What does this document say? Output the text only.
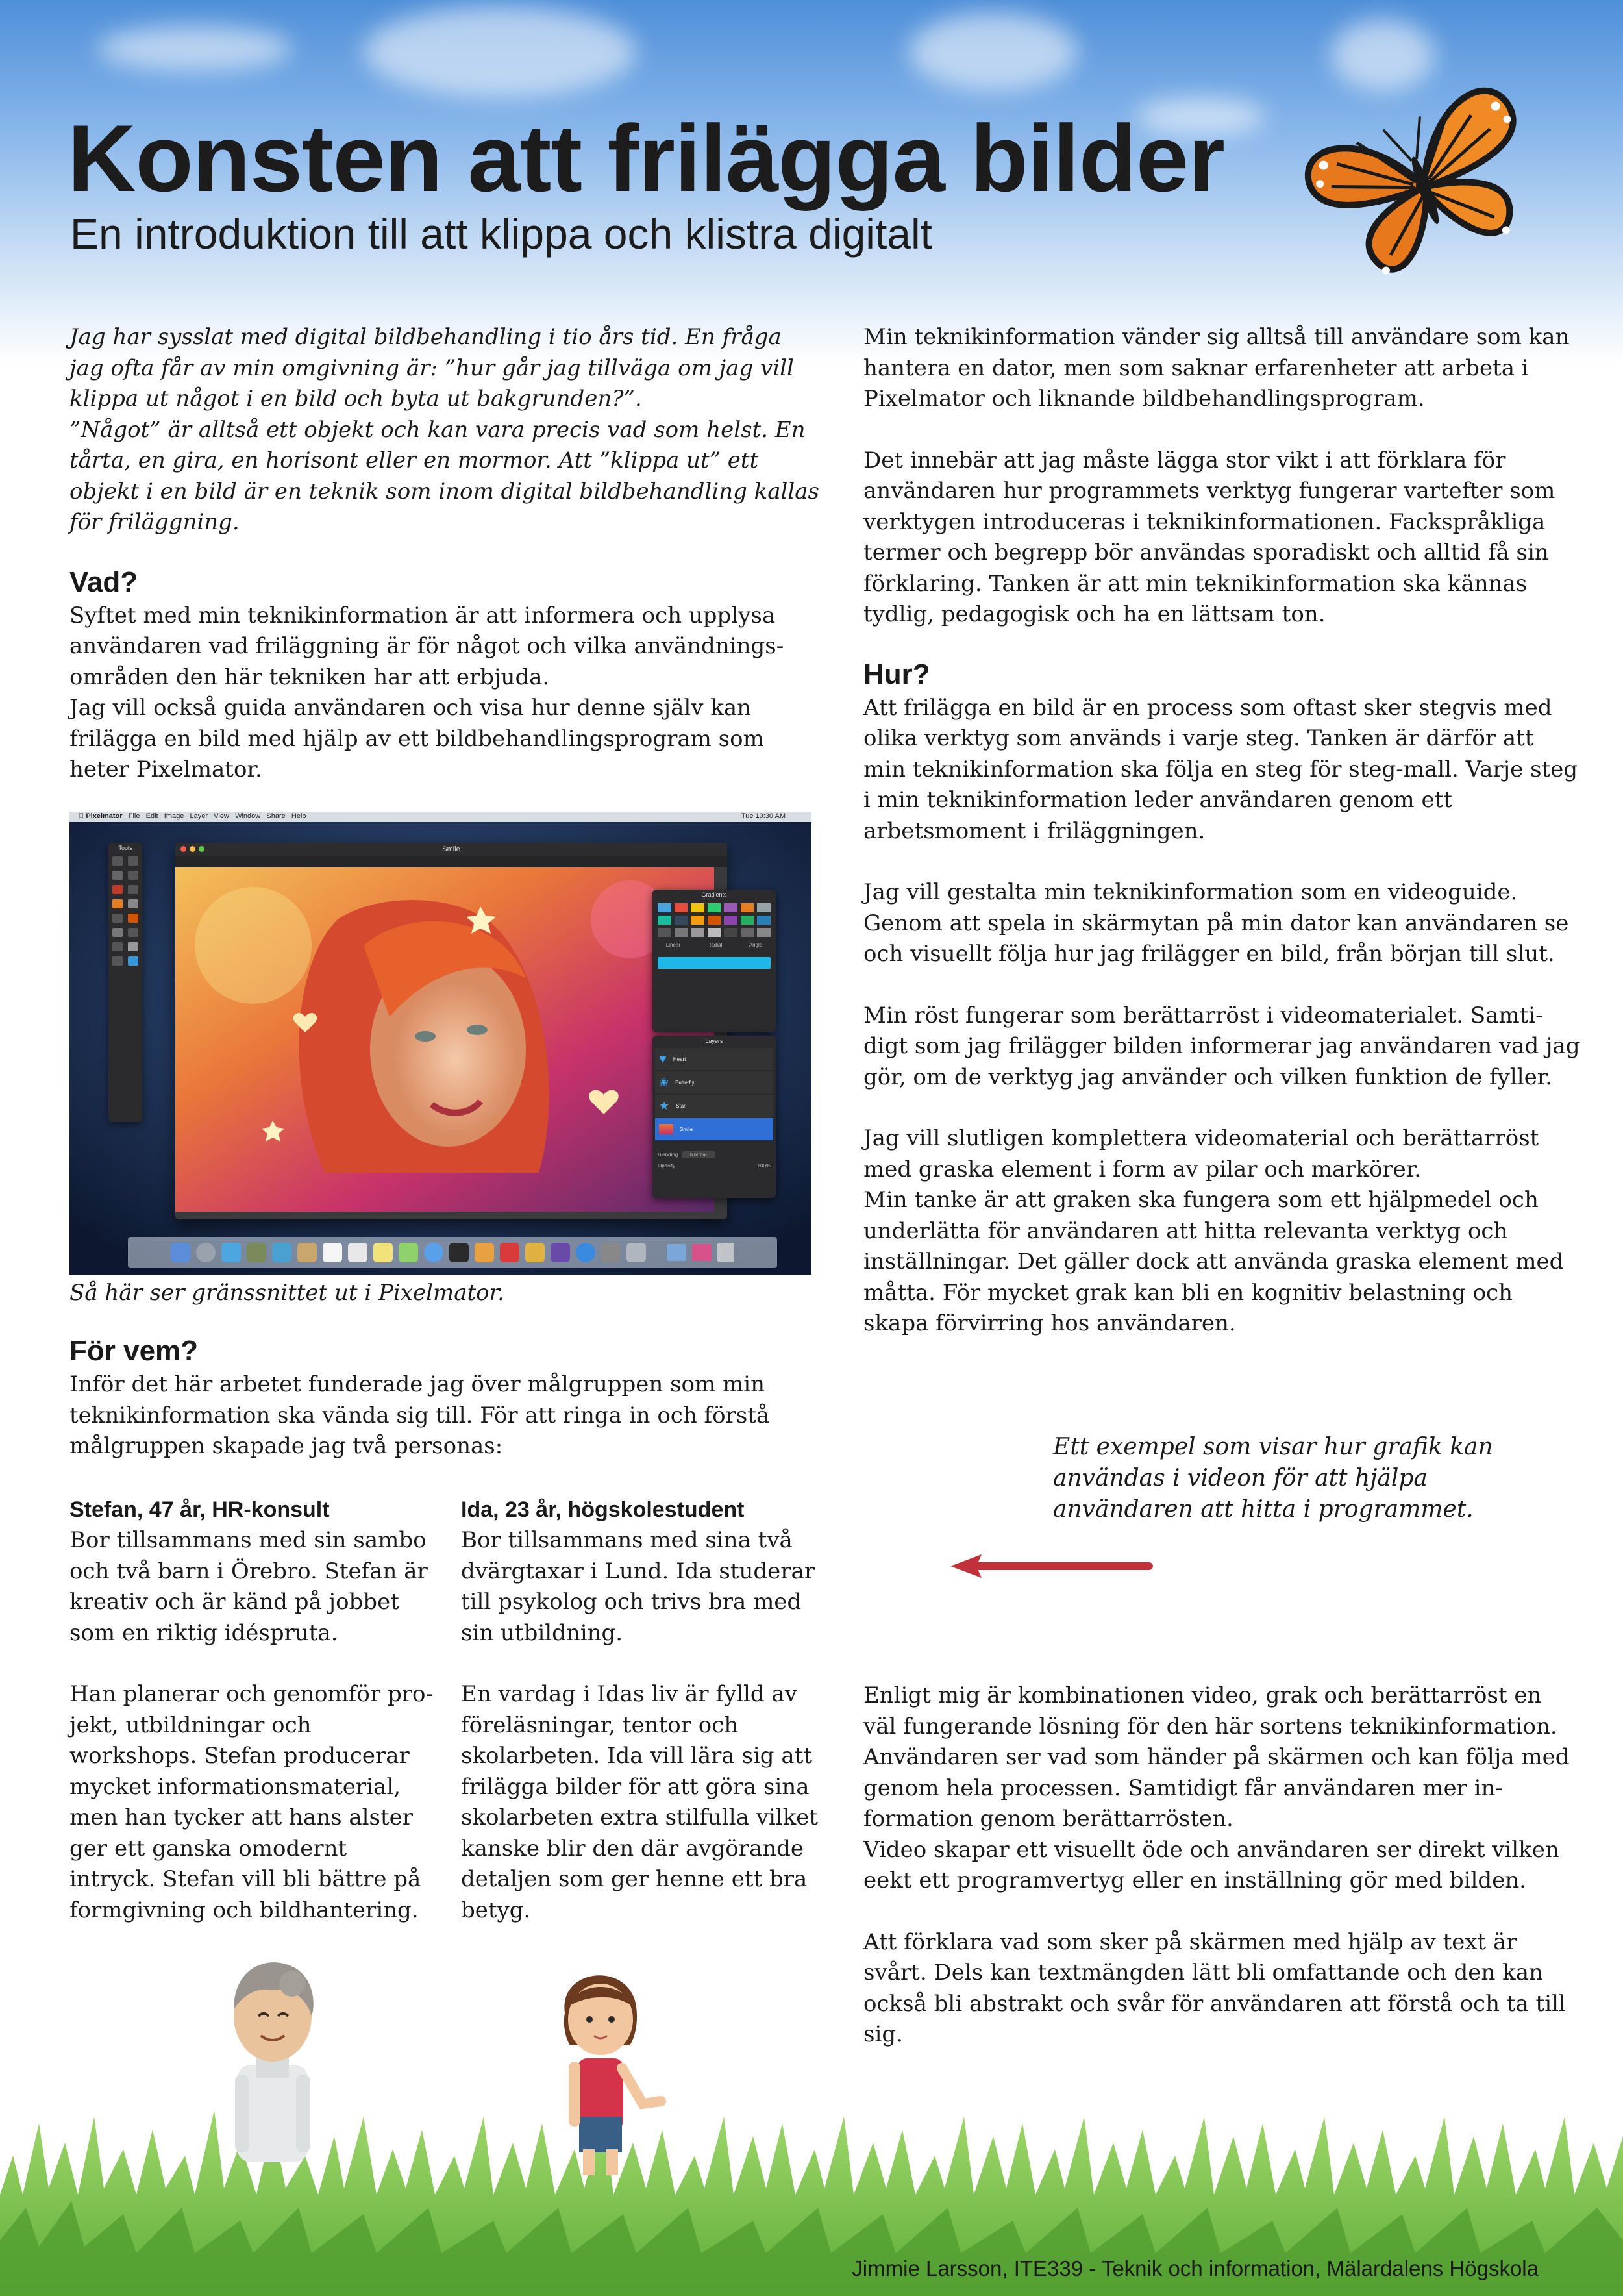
Konsten att frilägga bilder
En introduktion till att klippa och klistra digitalt

Jag har sysslat med digital bildbehandling i tio års tid. En fråga jag ofta får av min omgivning är: ”hur går jag tillväga om jag vill klippa ut något i en bild och byta ut bakgrunden?”.

”Något” är alltså ett objekt och kan vara precis vad som helst. En tårta, en gira, en horisont eller en mormor. Att ”klippa ut” ett objekt i en bild är en teknik som inom digital bildbehandling kallas för friläggning.

Vad?

Syftet med min teknikinformation är att informera och upplysa användaren vad friläggning är för något och vilka användnings-områden den här tekniken har att erbjuda.

Jag vill också guida användaren och visa hur denne själv kan frilägga en bild med hjälp av ett bildbehandlingsprogram som heter Pixelmator.

Pixelmator File Edit Image Layer View Window Share Help	Tue 10:30 AM
Tools	Smile
Gradients
Linear	Radial	Angle
Layers
♥ Heart
❀ Butterfly
★ Star
Smile
Blending Normal
Opacity	100%
Så här ser gränssnittet ut i Pixelmator.
För vem?

Inför det här arbetet funderade jag över målgruppen som min teknikinformation ska vända sig till. För att ringa in och förstå målgruppen skapade jag två personas:

Stefan, 47 år, HR-konsult

Bor tillsammans med sin sambo och två barn i Örebro. Stefan är kreativ och är känd på jobbet som en riktig idéspruta.

Han planerar och genomför pro-jekt, utbildningar och workshops. Stefan producerar mycket informationsmaterial, men han tycker att hans alster ger ett ganska omodernt intryck. Stefan vill bli bättre på formgivning och bildhantering.

Ida, 23 år, högskolestudent

Bor tillsammans med sina två dvärgtaxar i Lund. Ida studerar till psykolog och trivs bra med sin utbildning.

En vardag i Idas liv är fylld av föreläsningar, tentor och skolarbeten. Ida vill lära sig att frilägga bilder för att göra sina skolarbeten extra stilfulla vilket kanske blir den där avgörande detaljen som ger henne ett bra betyg.

Min teknikinformation vänder sig alltså till användare som kan hantera en dator, men som saknar erfarenheter att arbeta i Pixelmator och liknande bildbehandlingsprogram.

Det innebär att jag måste lägga stor vikt i att förklara för användaren hur programmets verktyg fungerar vartefter som verktygen introduceras i teknikinformationen. Fackspråkliga termer och begrepp bör användas sporadiskt och alltid få sin förklaring. Tanken är att min teknikinformation ska kännas tydlig, pedagogisk och ha en lättsam ton.

Hur?

Att frilägga en bild är en process som oftast sker stegvis med olika verktyg som används i varje steg. Tanken är därför att min teknikinformation ska följa en steg för steg-mall. Varje steg i min teknikinformation leder användaren genom ett arbetsmoment i friläggningen.

Jag vill gestalta min teknikinformation som en videoguide. Genom att spela in skärmytan på min dator kan användaren se och visuellt följa hur jag frilägger en bild, från början till slut.

Min röst fungerar som berättarröst i videomaterialet. Samti-digt som jag frilägger bilden informerar jag användaren vad jag gör, om de verktyg jag använder och vilken funktion de fyller.

Jag vill slutligen komplettera videomaterial och berättarröst med graska element i form av pilar och markörer.

Min tanke är att graken ska fungera som ett hjälpmedel och underlätta för användaren att hitta relevanta verktyg och inställningar. Det gäller dock att använda graska element med måtta. För mycket grak kan bli en kognitiv belastning och skapa förvirring hos användaren.

Ett exempel som visar hur grafik kan användas i videon för att hjälpa användaren att hitta i programmet.

Enligt mig är kombinationen video, grak och berättarröst en väl fungerande lösning för den här sortens teknikinformation. Användaren ser vad som händer på skärmen och kan följa med genom hela processen. Samtidigt får användaren mer in-formation genom berättarrösten.

Video skapar ett visuellt öde och användaren ser direkt vilken eekt ett programvertyg eller en inställning gör med bilden.

Att förklara vad som sker på skärmen med hjälp av text är svårt. Dels kan textmängden lätt bli omfattande och den kan också bli abstrakt och svår för användaren att förstå och ta till sig.

Jimmie Larsson, ITE339 - Teknik och information, Mälardalens Högskola
